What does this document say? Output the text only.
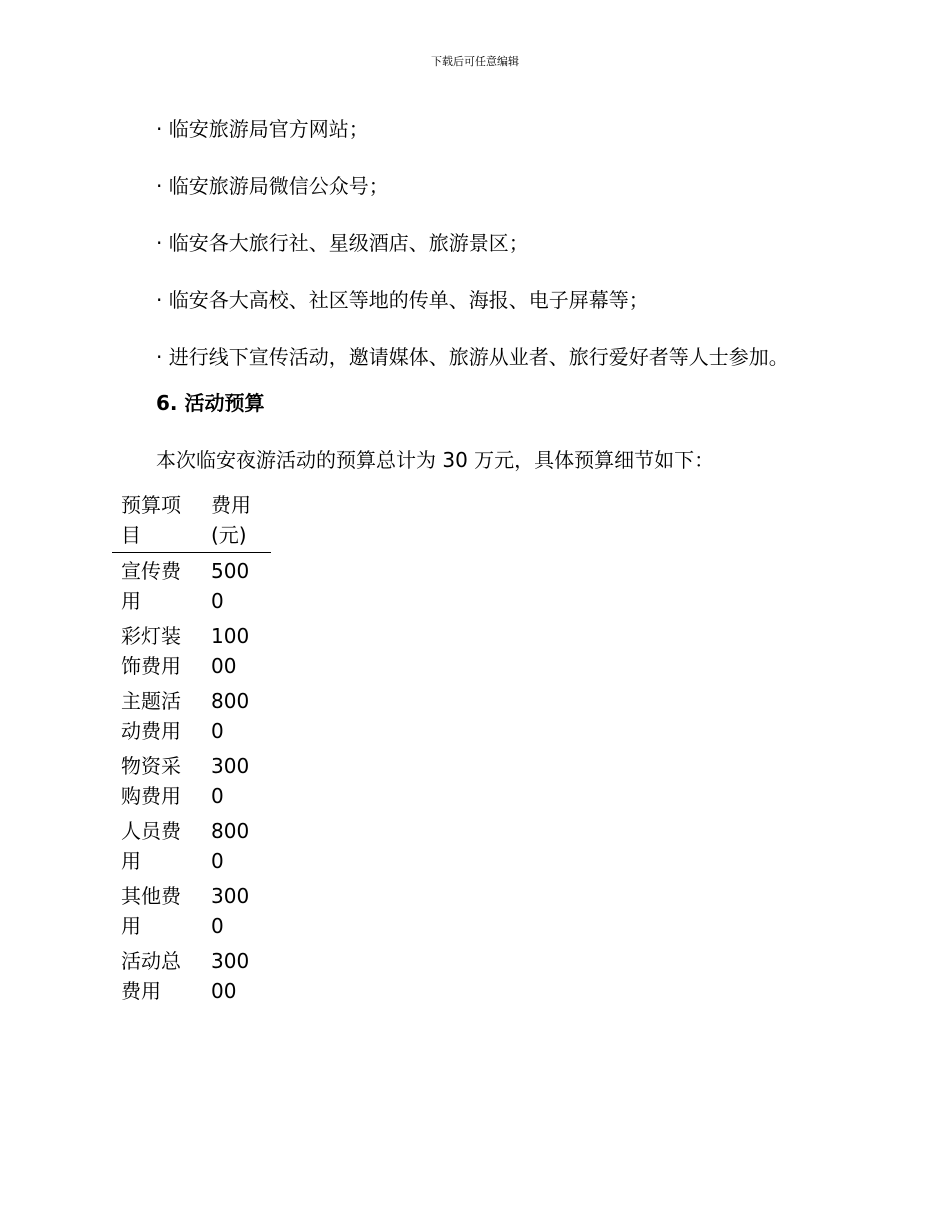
下载后可任意编辑
· 临安旅游局官方网站；
· 临安旅游局微信公众号；
· 临安各大旅行社、星级酒店、旅游景区；
· 临安各大高校、社区等地的传单、海报、电子屏幕等；
· 进行线下宣传活动，邀请媒体、旅游从业者、旅行爱好者等人士参加。
6. 活动预算
本次临安夜游活动的预算总计为 30 万元，具体预算细节如下：
预算项目	费用 (元)
宣传费用	5000
彩灯装饰费用	10000
主题活动费用	8000
物资采购费用	3000
人员费用	8000
其他费用	3000
活动总费用	30000
